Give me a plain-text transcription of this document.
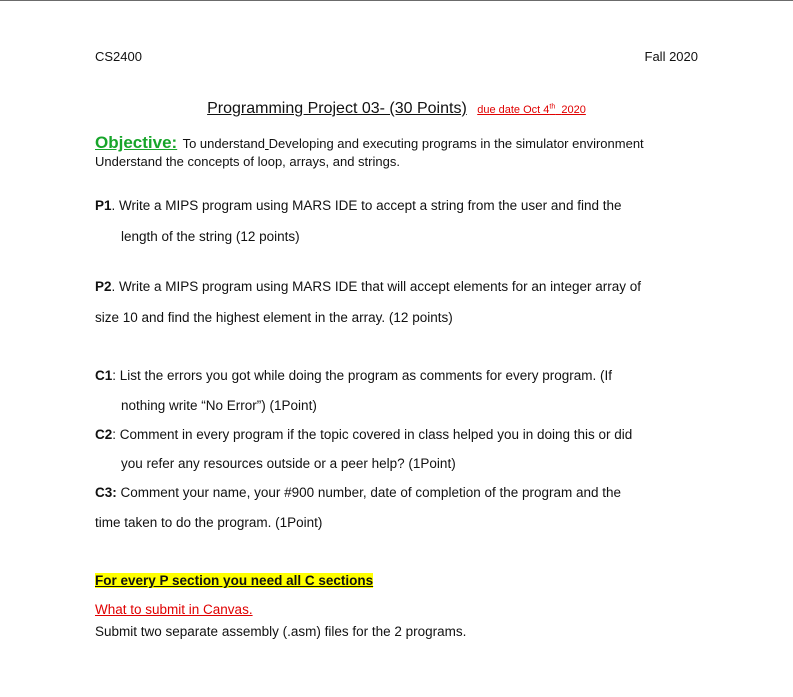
CS2400	Fall 2020
Programming Project 03- (30 Points) due date Oct 4th 2020
Objective: To understand Developing and executing programs in the simulator environment
Understand the concepts of loop, arrays, and strings.
P1. Write a MIPS program using MARS IDE to accept a string from the user and find the
length of the string (12 points)
P2. Write a MIPS program using MARS IDE that will accept elements for an integer array of
size 10 and find the highest element in the array. (12 points)
C1: List the errors you got while doing the program as comments for every program. (If
nothing write “No Error”) (1Point)
C2: Comment in every program if the topic covered in class helped you in doing this or did
you refer any resources outside or a peer help? (1Point)
C3: Comment your name, your #900 number, date of completion of the program and the
time taken to do the program. (1Point)
For every P section you need all C sections
What to submit in Canvas.
Submit two separate assembly (.asm) files for the 2 programs.
